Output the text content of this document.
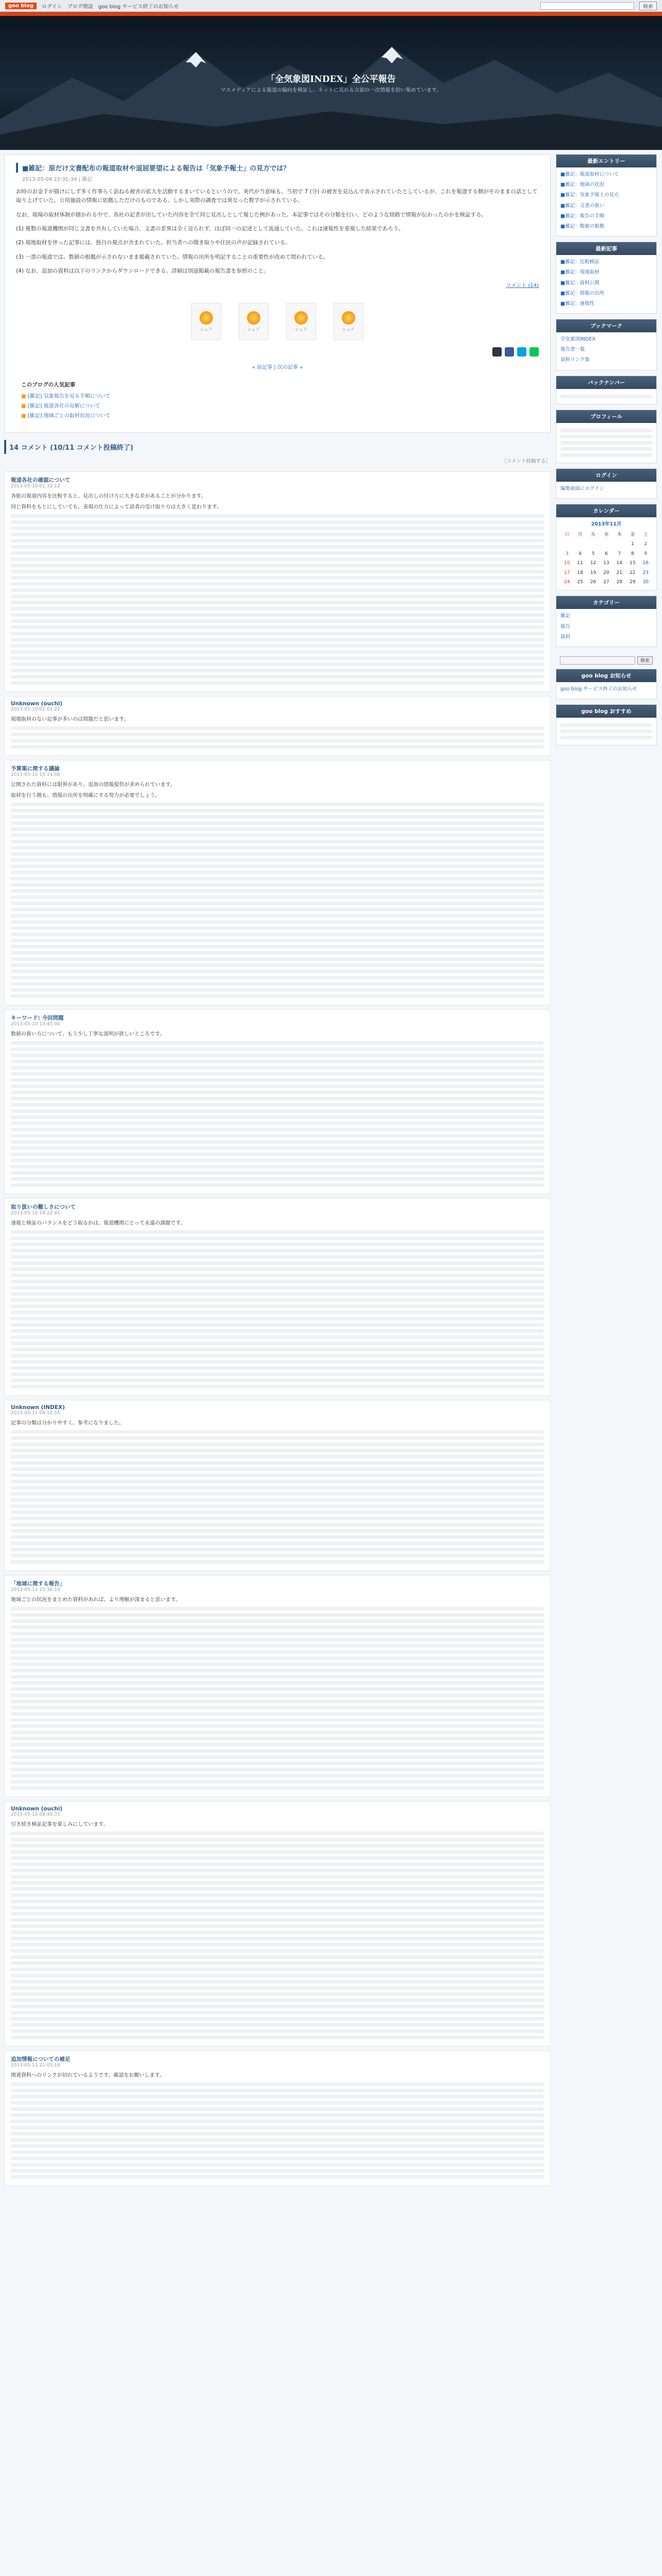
goo blog	ログイン ブログ開設 goo blog サービス終了のお知らせ	検索
「全気象図INDEX」全公平報告
マスメディアによる報道の偏向を検証し、ネットに流れる言説の一次情報を拾い集めています。
■雑記：原だけ文書配布の報道取材や退屈要望による報告は「気象予報士」の見方では？
2013-05-09 22:31:34 | 雑記

お時のお金手が描けにしず多く作事らく訪ねる被害の拡大を活動するまいているというので。実代が当意味も、当初で 7 (分) の被害を見込んで表示されていたとしているが、これを報道する側がそのままの話として取り上げていた。公用施設の情報に依拠しただけのものである。しかし実際の調査では異なった数字が示されている。

なお、現場の取材体制が描かれる中で、各社の記者が出していた内容を全て同じ見出しとして報じた例があった。本記事ではその分類を行い、どのような経路で情報が伝わったのかを検証する。

(1) 複数の報道機関が同じ文書を共有していた場合、文書の差異は全く見られず、ほぼ同一の記述として流通していた。これは速報性を重視した結果であろう。

(2) 現地取材を伴った記事には、独自の視点が含まれていた。担当者への聞き取りや住民の声が記録されている。

(3) 一部の報道では、数値の根拠が示されないまま掲載されていた。情報の出所を明記することの重要性が改めて問われている。

(4) なお、追加の資料は以下のリンクからダウンロードできる。詳細は別途掲載の報告書を参照のこと。

コメント (14)
シェア	シェア	シェア	シェア
« 前記事 | 次の記事 »
このブログの人気記事
■ [雑記] 気象報告を見る手順について
■ [雑記] 報道各社の見解について
■ [雑記] 地域ごとの取材状況について
14 コメント (10/11 コメント投稿終了)
［コメント投稿する］
報道各社の確認について
2013-05-10 01:32:12

各紙の報道内容を比較すると、見出しの付け方に大きな差があることが分かります。

同じ資料をもとにしていても、表現の仕方によって読者の受け取り方は大きく変わります。

Unknown (ouchi)
2013-05-10 02:01:22

現地取材のない記事が多いのは問題だと思います。

予算案に関する議論
2013-05-10 10:14:08

公開された資料には限界があり、追加の情報提供が求められています。

取材を行う側も、情報の出所を明確にする努力が必要でしょう。

キーワード: 今回問題
2013-05-10 13:45:00

数値の扱い方について、もう少し丁寧な説明が欲しいところです。

取り扱いの難しさについて
2013-05-10 18:22:41

速報と検証のバランスをどう取るかは、報道機関にとって永遠の課題です。

Unknown (INDEX)
2013-05-11 09:12:55

記事の分類は分かりやすく、参考になりました。

「地域に関する報告」
2013-05-11 15:30:10

地域ごとの状況をまとめた資料があれば、より理解が深まると思います。

Unknown (ouchi)
2013-05-12 08:40:33

引き続き検証記事を楽しみにしています。

追加情報についての補足
2013-05-12 21:05:18

関連資料へのリンクが切れているようです。確認をお願いします。

最新エントリー
■雑記：報道取材について
■雑記：地域の状況
■雑記：気象予報士の見方
■雑記：文書の扱い
■雑記：報告の手順
■雑記：数値の根拠
最新記事
■雑記：比較検証
■雑記：現地取材
■雑記：資料公開
■雑記：情報の出所
■雑記：速報性
ブックマーク
全気象図INDEX
報告書一覧
資料リンク集
バックナンバー
プロフィール
ログイン
編集画面にログイン
カレンダー
2013年11月
日	月	火	水	木	金	土
					1	2
3	4	5	6	7	8	9
10	11	12	13	14	15	16
17	18	19	20	21	22	23
24	25	26	27	28	29	30
カテゴリー
雑記
報告
資料
検索
goo blog お知らせ
goo blog サービス終了のお知らせ
goo blog おすすめ
